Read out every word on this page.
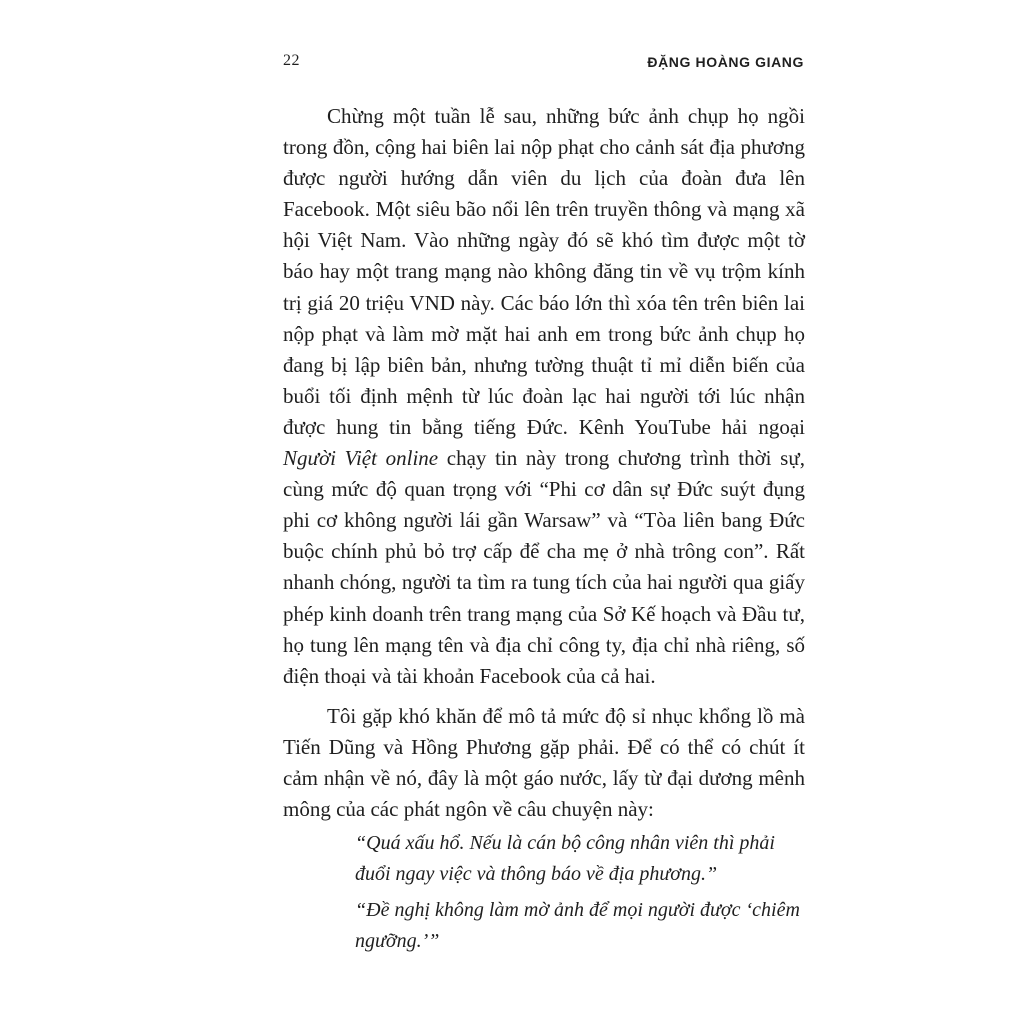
22	ĐẶNG HOÀNG GIANG

Chừng một tuần lễ sau, những bức ảnh chụp họ ngồi trong đồn, cộng hai biên lai nộp phạt cho cảnh sát địa phương được người hướng dẫn viên du lịch của đoàn đưa lên Facebook. Một siêu bão nổi lên trên truyền thông và mạng xã hội Việt Nam. Vào những ngày đó sẽ khó tìm được một tờ báo hay một trang mạng nào không đăng tin về vụ trộm kính trị giá 20 triệu VND này. Các báo lớn thì xóa tên trên biên lai nộp phạt và làm mờ mặt hai anh em trong bức ảnh chụp họ đang bị lập biên bản, nhưng tường thuật tỉ mỉ diễn biến của buổi tối định mệnh từ lúc đoàn lạc hai người tới lúc nhận được hung tin bằng tiếng Đức. Kênh YouTube hải ngoại Người Việt online chạy tin này trong chương trình thời sự, cùng mức độ quan trọng với “Phi cơ dân sự Đức suýt đụng phi cơ không người lái gần Warsaw” và “Tòa liên bang Đức buộc chính phủ bỏ trợ cấp để cha mẹ ở nhà trông con”. Rất nhanh chóng, người ta tìm ra tung tích của hai người qua giấy phép kinh doanh trên trang mạng của Sở Kế hoạch và Đầu tư, họ tung lên mạng tên và địa chỉ công ty, địa chỉ nhà riêng, số điện thoại và tài khoản Facebook của cả hai.

Tôi gặp khó khăn để mô tả mức độ sỉ nhục khổng lồ mà Tiến Dũng và Hồng Phương gặp phải. Để có thể có chút ít cảm nhận về nó, đây là một gáo nước, lấy từ đại dương mênh mông của các phát ngôn về câu chuyện này:

“Quá xấu hổ. Nếu là cán bộ công nhân viên thì phải đuổi ngay việc và thông báo về địa phương.”

“Đề nghị không làm mờ ảnh để mọi người được ‘chiêm ngưỡng.’”
